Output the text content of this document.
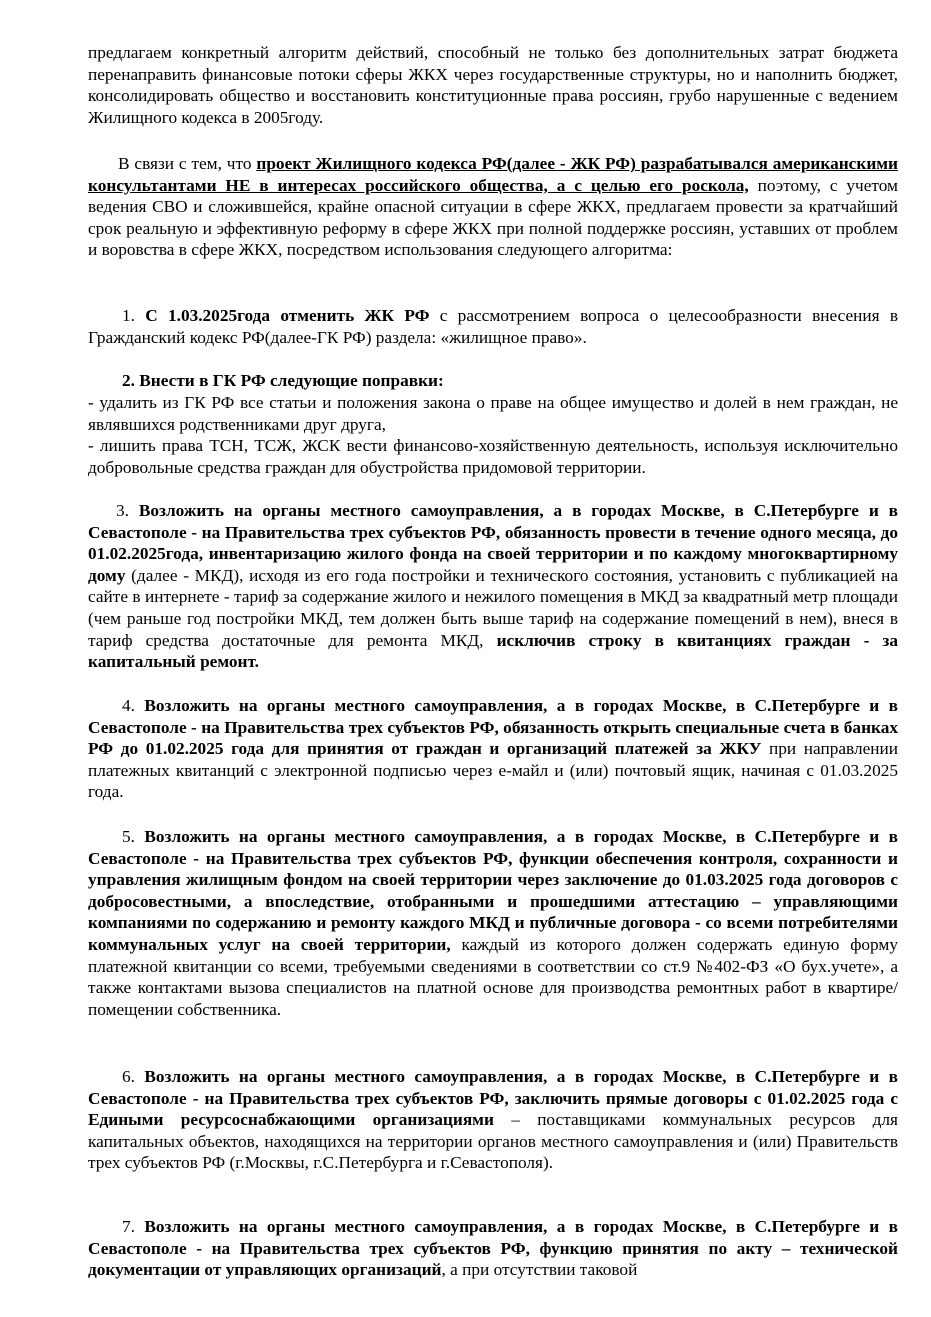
предлагаем конкретный алгоритм действий, способный не только без дополнительных затрат бюджета перенаправить финансовые потоки сферы ЖКХ через государственные структуры, но и наполнить бюджет, консолидировать общество и восстановить конституционные права россиян, грубо нарушенные с ведением Жилищного кодекса в 2005году.

В связи с тем, что проект Жилищного кодекса РФ(далее - ЖК РФ) разрабатывался американскими консультантами НЕ в интересах российского общества, а с целью его роскола, поэтому, с учетом ведения СВО и сложившейся, крайне опасной ситуации в сфере ЖКХ, предлагаем провести за кратчайший срок реальную и эффективную реформу в сфере ЖКХ при полной поддержке россиян, уставших от проблем и воровства в сфере ЖКХ, посредством использования следующего алгоритма:

1. С 1.03.2025года отменить ЖК РФ с рассмотрением вопроса о целесообразности внесения в Гражданский кодекс РФ(далее-ГК РФ) раздела: «жилищное право».

2. Внести в ГК РФ следующие поправки:

- удалить из ГК РФ все статьи и положения закона о праве на общее имущество и долей в нем граждан, не являвшихся родственниками друг друга,

- лишить права ТСН, ТСЖ, ЖСК вести финансово-хозяйственную деятельность, используя исключительно добровольные средства граждан для обустройства придомовой территории.

3. Возложить на органы местного самоуправления, а в городах Москве, в С.Петербурге и в Севастополе - на Правительства трех субъектов РФ, обязанность провести в течение одного месяца, до 01.02.2025года, инвентаризацию жилого фонда на своей территории и по каждому многоквартирному дому (далее - МКД), исходя из его года постройки и технического состояния, установить с публикацией на сайте в интернете - тариф за содержание жилого и нежилого помещения в МКД за квадратный метр площади (чем раньше год постройки МКД, тем должен быть выше тариф на содержание помещений в нем), внеся в тариф средства достаточные для ремонта МКД, исключив строку в квитанциях граждан - за капитальный ремонт.

4. Возложить на органы местного самоуправления, а в городах Москве, в С.Петербурге и в Севастополе - на Правительства трех субъектов РФ, обязанность открыть специальные счета в банках РФ до 01.02.2025 года для принятия от граждан и организаций платежей за ЖКУ при направлении платежных квитанций с электронной подписью через е-майл и (или) почтовый ящик, начиная с 01.03.2025 года.

5. Возложить на органы местного самоуправления, а в городах Москве, в С.Петербурге и в Севастополе - на Правительства трех субъектов РФ, функции обеспечения контроля, сохранности и управления жилищным фондом на своей территории через заключение до 01.03.2025 года договоров с добросовестными, а впоследствие, отобранными и прошедшими аттестацию – управляющими компаниями по содержанию и ремонту каждого МКД и публичные договора - со всеми потребителями коммунальных услуг на своей территории, каждый из которого должен содержать единую форму платежной квитанции со всеми, требуемыми сведениями в соответствии со ст.9 №402-ФЗ «О бух.учете», а также контактами вызова специалистов на платной основе для производства ремонтных работ в квартире/помещении собственника.

6. Возложить на органы местного самоуправления, а в городах Москве, в С.Петербурге и в Севастополе - на Правительства трех субъектов РФ, заключить прямые договоры с 01.02.2025 года с Едиными ресурсоснабжающими организациями – поставщиками коммунальных ресурсов для капитальных объектов, находящихся на территории органов местного самоуправления и (или) Правительств трех субъектов РФ (г.Москвы, г.С.Петербурга и г.Севастополя).

7. Возложить на органы местного самоуправления, а в городах Москве, в С.Петербурге и в Севастополе - на Правительства трех субъектов РФ, функцию принятия по акту – технической документации от управляющих организаций, а при отсутствии таковой
